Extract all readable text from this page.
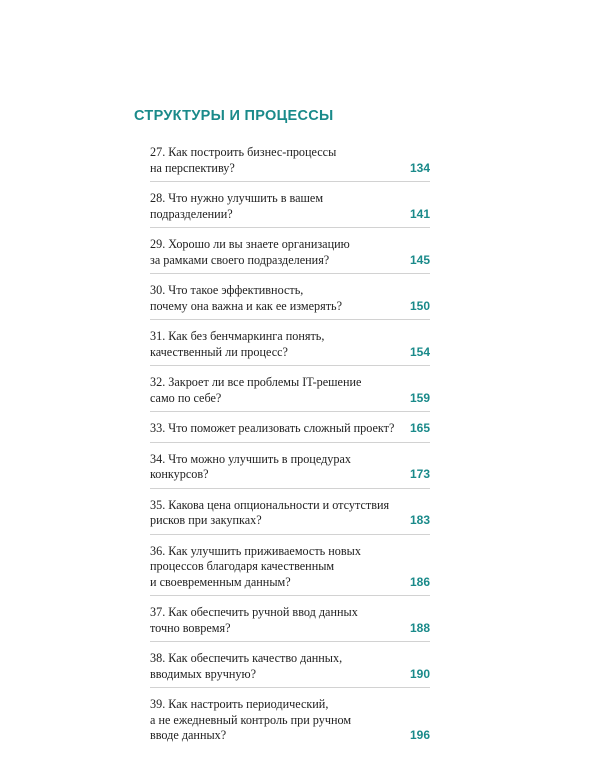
СТРУКТУРЫ И ПРОЦЕССЫ
27. Как построить бизнес-процессы
на перспективу?	134
28. Что нужно улучшить в вашем
подразделении?	141
29. Хорошо ли вы знаете организацию
за рамками своего подразделения?	145
30. Что такое эффективность,
почему она важна и как ее измерять?	150
31. Как без бенчмаркинга понять,
качественный ли процесс?	154
32. Закроет ли все проблемы IT-решение
само по себе?	159
33. Что поможет реализовать сложный проект?	165
34. Что можно улучшить в процедурах конкурсов?	173
35. Какова цена опциональности и отсутствия
рисков при закупках?	183
36. Как улучшить приживаемость новых
процессов благодаря качественным
и своевременным данным?	186
37. Как обеспечить ручной ввод данных
точно вовремя?	188
38. Как обеспечить качество данных,
вводимых вручную?	190
39. Как настроить периодический,
а не ежедневный контроль при ручном
вводе данных?	196
